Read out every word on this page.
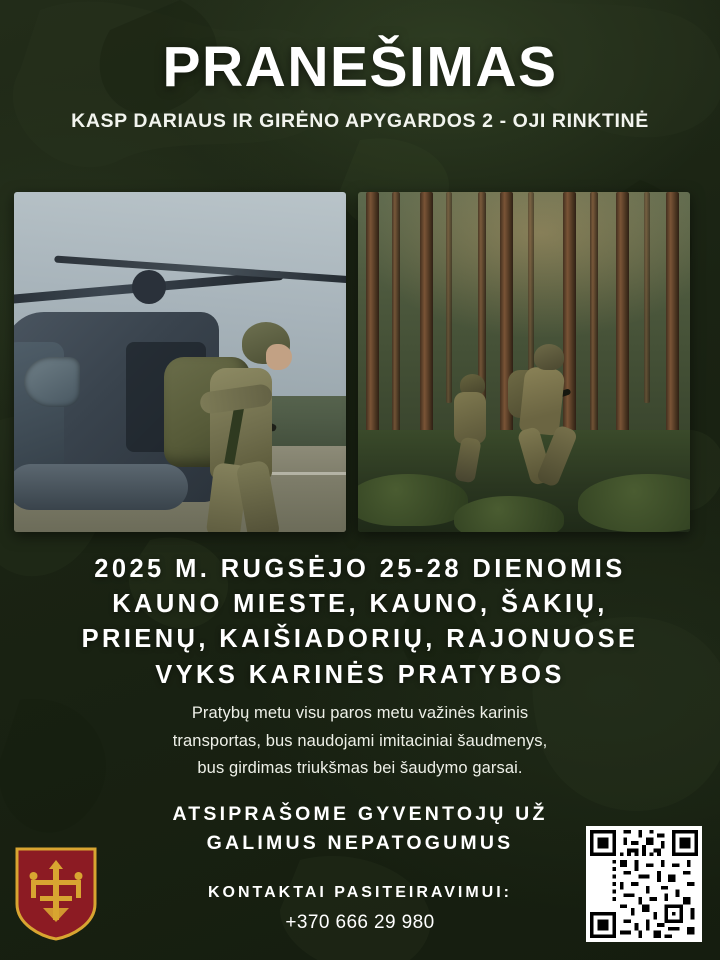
PRANEŠIMAS
KASP DARIAUS IR GIRĖNO APYGARDOS 2 - OJI RINKTINĖ
2025 M. RUGSĖJO 25-28 DIENOMIS
KAUNO MIESTE, KAUNO, ŠAKIŲ,
PRIENŲ, KAIŠIADORIŲ, RAJONUOSE
VYKS KARINĖS PRATYBOS
Pratybų metu visu paros metu važinės karinis
transportas, bus naudojami imitaciniai šaudmenys,
bus girdimas triukšmas bei šaudymo garsai.
ATSIPRAŠOME GYVENTOJŲ UŽ
GALIMUS NEPATOGUMUS
KONTAKTAI PASITEIRAVIMUI:
+370 666 29 980
